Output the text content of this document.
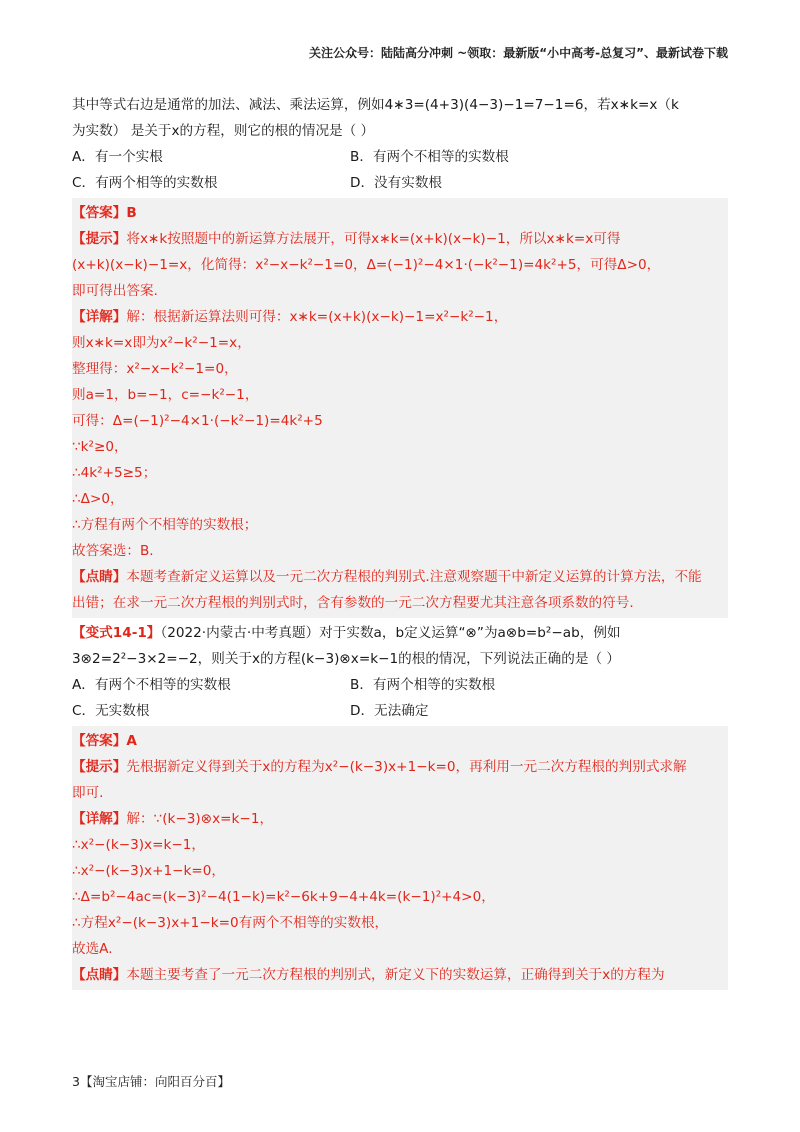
关注公众号：陆陆高分冲刺 ~领取：最新版“小中高考-总复习”、最新试卷下载
其中等式右边是通常的加法、减法、乘法运算，例如4∗3=(4+3)(4−3)−1=7−1=6，若x∗k=x（k
为实数） 是关于x的方程，则它的根的情况是（ ）
A．有一个实根	B．有两个不相等的实数根
C．有两个相等的实数根	D．没有实数根
【答案】B
【提示】将x∗k按照题中的新运算方法展开，可得x∗k=(x+k)(x−k)−1，所以x∗k=x可得
(x+k)(x−k)−1=x，化简得：x²−x−k²−1=0，Δ=(−1)²−4×1·(−k²−1)=4k²+5，可得Δ>0，
即可得出答案.
【详解】解：根据新运算法则可得：x∗k=(x+k)(x−k)−1=x²−k²−1，
则x∗k=x即为x²−k²−1=x，
整理得：x²−x−k²−1=0，
则a=1，b=−1，c=−k²−1，
可得：Δ=(−1)²−4×1·(−k²−1)=4k²+5
∵k²≥0，
∴4k²+5≥5；
∴Δ>0，
∴方程有两个不相等的实数根；
故答案选：B.
【点睛】本题考查新定义运算以及一元二次方程根的判别式.注意观察题干中新定义运算的计算方法，不能
出错；在求一元二次方程根的判别式时，含有参数的一元二次方程要尤其注意各项系数的符号.
【变式14-1】（2022·内蒙古·中考真题）对于实数a，b定义运算“⊗”为a⊗b=b²−ab，例如
3⊗2=2²−3×2=−2，则关于x的方程(k−3)⊗x=k−1的根的情况，下列说法正确的是（ ）
A．有两个不相等的实数根	B．有两个相等的实数根
C．无实数根	D．无法确定
【答案】A
【提示】先根据新定义得到关于x的方程为x²−(k−3)x+1−k=0，再利用一元二次方程根的判别式求解
即可.
【详解】解：∵(k−3)⊗x=k−1，
∴x²−(k−3)x=k−1，
∴x²−(k−3)x+1−k=0，
∴Δ=b²−4ac=(k−3)²−4(1−k)=k²−6k+9−4+4k=(k−1)²+4>0，
∴方程x²−(k−3)x+1−k=0有两个不相等的实数根，
故选A.
【点睛】本题主要考查了一元二次方程根的判别式，新定义下的实数运算，正确得到关于x的方程为
3【淘宝店铺：向阳百分百】
